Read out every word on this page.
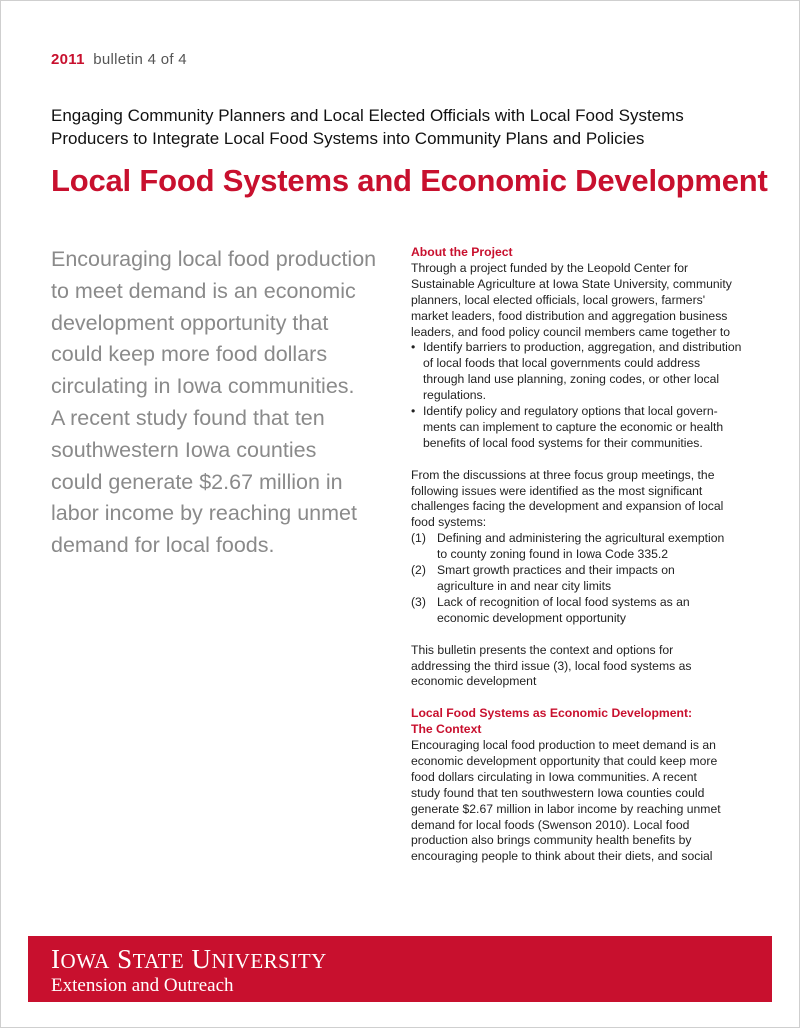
2011 bulletin 4 of 4
Engaging Community Planners and Local Elected Officials with Local Food Systems
Producers to Integrate Local Food Systems into Community Plans and Policies
Local Food Systems and Economic Development
Encouraging local food production
to meet demand is an economic
development opportunity that
could keep more food dollars
circulating in Iowa communities.
A recent study found that ten
southwestern Iowa counties
could generate $2.67 million in
labor income by reaching unmet
demand for local foods.
About the Project
Through a project funded by the Leopold Center for
Sustainable Agriculture at Iowa State University, community
planners, local elected officials, local growers, farmers'
market leaders, food distribution and aggregation business
leaders, and food policy council members came together to
• Identify barriers to production, aggregation, and distribution
of local foods that local governments could address
through land use planning, zoning codes, or other local
regulations.
• Identify policy and regulatory options that local govern-
ments can implement to capture the economic or health
benefits of local food systems for their communities.
From the discussions at three focus group meetings, the
following issues were identified as the most significant
challenges facing the development and expansion of local
food systems:
(1) Defining and administering the agricultural exemption
to county zoning found in Iowa Code 335.2
(2) Smart growth practices and their impacts on
agriculture in and near city limits
(3) Lack of recognition of local food systems as an
economic development opportunity
This bulletin presents the context and options for
addressing the third issue (3), local food systems as
economic development
Local Food Systems as Economic Development:
The Context
Encouraging local food production to meet demand is an
economic development opportunity that could keep more
food dollars circulating in Iowa communities. A recent
study found that ten southwestern Iowa counties could
generate $2.67 million in labor income by reaching unmet
demand for local foods (Swenson 2010). Local food
production also brings community health benefits by
encouraging people to think about their diets, and social
IOWA STATE UNIVERSITY
Extension and Outreach
